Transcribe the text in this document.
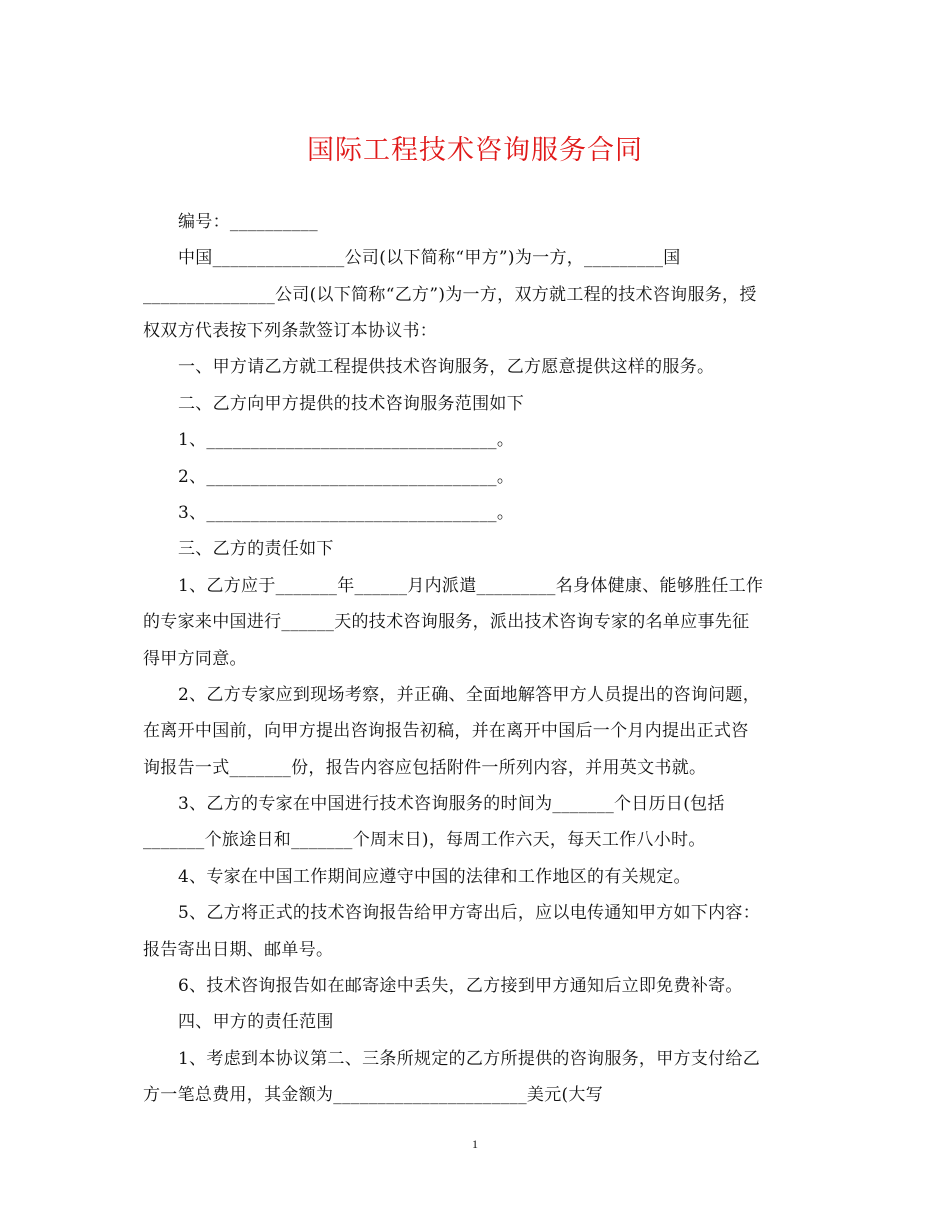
国际工程技术咨询服务合同
编号：__________
中国_______________公司(以下简称“甲方”)为一方，_________国
_______________公司(以下简称“乙方”)为一方，双方就工程的技术咨询服务，授
权双方代表按下列条款签订本协议书：
一、甲方请乙方就工程提供技术咨询服务，乙方愿意提供这样的服务。
二、乙方向甲方提供的技术咨询服务范围如下
1、_________________________________。
2、_________________________________。
3、_________________________________。
三、乙方的责任如下
1、乙方应于_______年______月内派遣_________名身体健康、能够胜任工作
的专家来中国进行______天的技术咨询服务，派出技术咨询专家的名单应事先征
得甲方同意。
2、乙方专家应到现场考察，并正确、全面地解答甲方人员提出的咨询问题，
在离开中国前，向甲方提出咨询报告初稿，并在离开中国后一个月内提出正式咨
询报告一式_______份，报告内容应包括附件一所列内容，并用英文书就。
3、乙方的专家在中国进行技术咨询服务的时间为_______个日历日(包括
_______个旅途日和_______个周末日)，每周工作六天，每天工作八小时。
4、专家在中国工作期间应遵守中国的法律和工作地区的有关规定。
5、乙方将正式的技术咨询报告给甲方寄出后，应以电传通知甲方如下内容：
报告寄出日期、邮单号。
6、技术咨询报告如在邮寄途中丢失，乙方接到甲方通知后立即免费补寄。
四、甲方的责任范围
1、考虑到本协议第二、三条所规定的乙方所提供的咨询服务，甲方支付给乙
方一笔总费用，其金额为______________________美元(大写
1
